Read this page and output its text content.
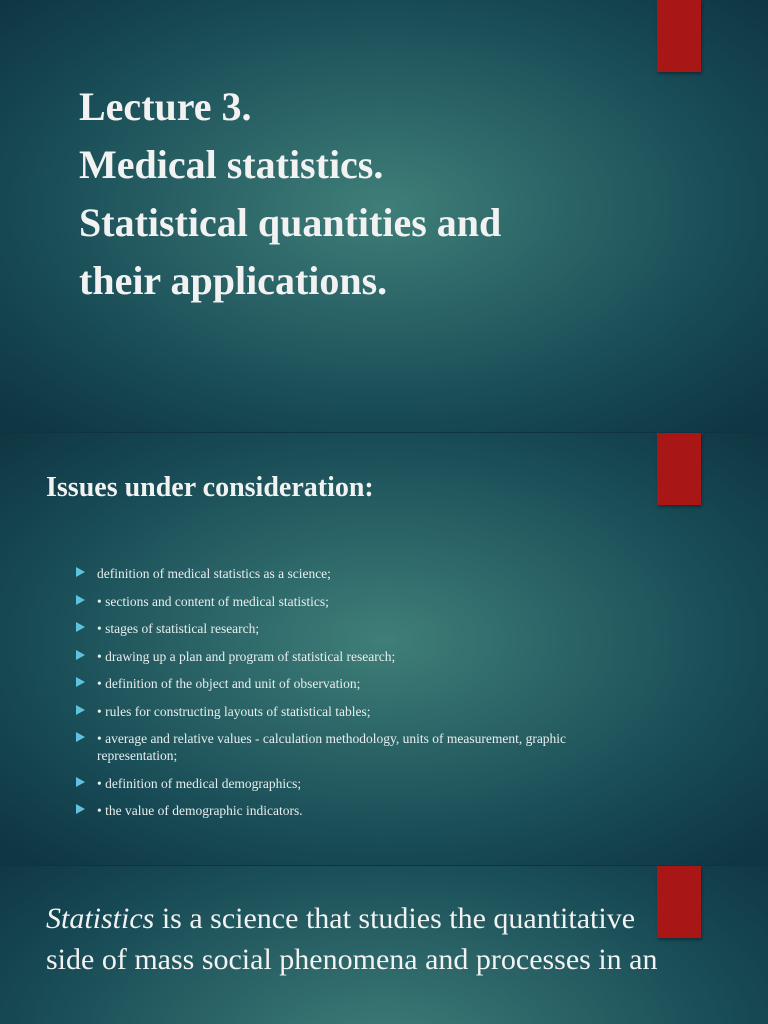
Lecture 3.
Medical statistics.
Statistical quantities and
their applications.
Issues under consideration:
definition of medical statistics as a science;
• sections and content of medical statistics;
• stages of statistical research;
• drawing up a plan and program of statistical research;
• definition of the object and unit of observation;
• rules for constructing layouts of statistical tables;
• average and relative values - calculation methodology, units of measurement, graphic representation;
• definition of medical demographics;
• the value of demographic indicators.

Statistics is a science that studies the quantitative side of mass social phenomena and processes in an
